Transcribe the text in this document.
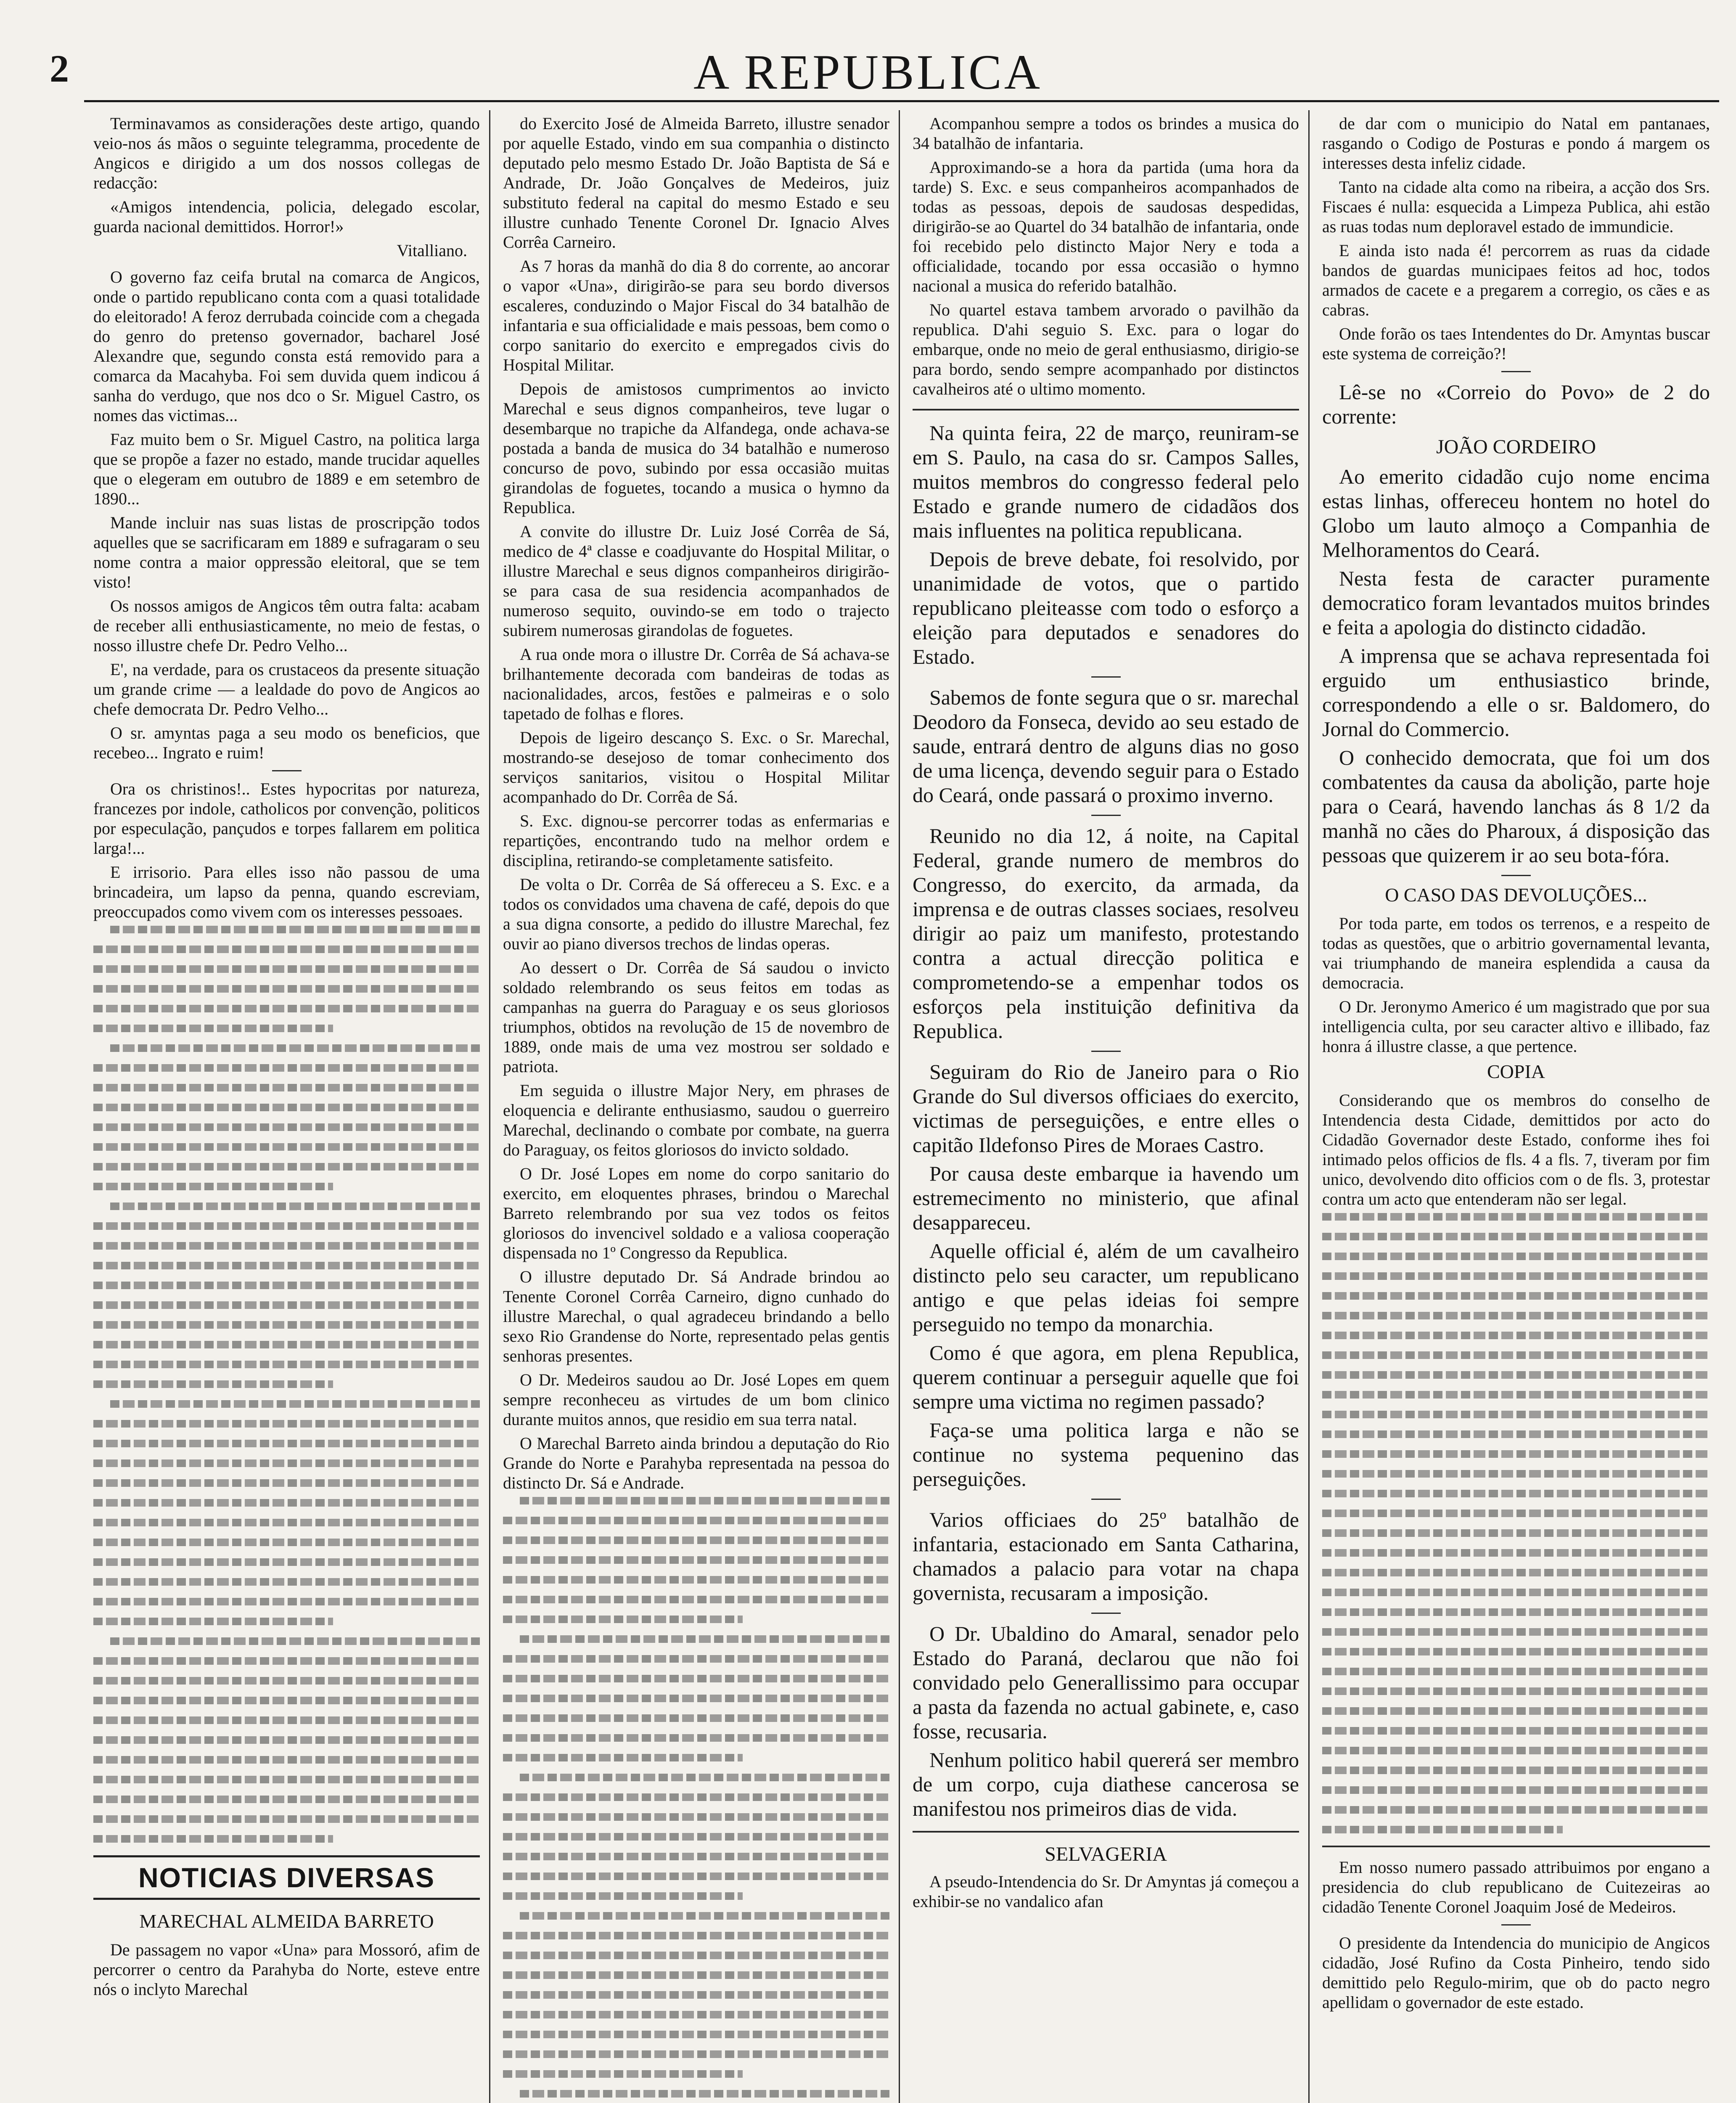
2	A REPUBLICA

Terminavamos as considerações deste artigo, quando veio-nos ás mãos o seguinte telegramma, procedente de Angicos e dirigido a um dos nossos collegas de redacção:

«Amigos intendencia, policia, delegado escolar, guarda nacional demittidos. Horror!»

Vitalliano.

O governo faz ceifa brutal na comarca de Angicos, onde o partido republicano conta com a quasi totalidade do eleitorado! A feroz derrubada coincide com a chegada do genro do pretenso governador, bacharel José Alexandre que, segundo consta está removido para a comarca da Macahyba. Foi sem duvida quem indicou á sanha do verdugo, que nos dco o Sr. Miguel Castro, os nomes das victimas...

Faz muito bem o Sr. Miguel Castro, na politica larga que se propõe a fazer no estado, mande trucidar aquelles que o elegeram em outubro de 1889 e em setembro de 1890...

Mande incluir nas suas listas de proscripção todos aquelles que se sacrificaram em 1889 e sufragaram o seu nome contra a maior oppressão eleitoral, que se tem visto!

Os nossos amigos de Angicos têm outra falta: acabam de receber alli enthusiasticamente, no meio de festas, o nosso illustre chefe Dr. Pedro Velho...

E', na verdade, para os crustaceos da presente situação um grande crime — a lealdade do povo de Angicos ao chefe democrata Dr. Pedro Velho...

O sr. amyntas paga a seu modo os beneficios, que recebeo... Ingrato e ruim!

Ora os christinos!.. Estes hypocritas por natureza, francezes por indole, catholicos por convenção, politicos por especulação, pançudos e torpes fallarem em politica larga!...

E irrisorio. Para elles isso não passou de uma brincadeira, um lapso da penna, quando escreviam, preoccupados como vivem com os interesses pessoaes.

NOTICIAS DIVERSAS
MARECHAL ALMEIDA BARRETO

De passagem no vapor «Una» para Mossoró, afim de percorrer o centro da Parahyba do Norte, esteve entre nós o inclyto Marechal

do Exercito José de Almeida Barreto, illustre senador por aquelle Estado, vindo em sua companhia o distincto deputado pelo mesmo Estado Dr. João Baptista de Sá e Andrade, Dr. João Gonçalves de Medeiros, juiz substituto federal na capital do mesmo Estado e seu illustre cunhado Tenente Coronel Dr. Ignacio Alves Corrêa Carneiro.

As 7 horas da manhã do dia 8 do corrente, ao ancorar o vapor «Una», dirigirão-se para seu bordo diversos escaleres, conduzindo o Major Fiscal do 34 batalhão de infantaria e sua officialidade e mais pessoas, bem como o corpo sanitario do exercito e empregados civis do Hospital Militar.

Depois de amistosos cumprimentos ao invicto Marechal e seus dignos companheiros, teve lugar o desembarque no trapiche da Alfandega, onde achava-se postada a banda de musica do 34 batalhão e numeroso concurso de povo, subindo por essa occasião muitas girandolas de foguetes, tocando a musica o hymno da Republica.

A convite do illustre Dr. Luiz José Corrêa de Sá, medico de 4ª classe e coadjuvante do Hospital Militar, o illustre Marechal e seus dignos companheiros dirigirão-se para casa de sua residencia acompanhados de numeroso sequito, ouvindo-se em todo o trajecto subirem numerosas girandolas de foguetes.

A rua onde mora o illustre Dr. Corrêa de Sá achava-se brilhantemente decorada com bandeiras de todas as nacionalidades, arcos, festões e palmeiras e o solo tapetado de folhas e flores.

Depois de ligeiro descanço S. Exc. o Sr. Marechal, mostrando-se desejoso de tomar conhecimento dos serviços sanitarios, visitou o Hospital Militar acompanhado do Dr. Corrêa de Sá.

S. Exc. dignou-se percorrer todas as enfermarias e repartições, encontrando tudo na melhor ordem e disciplina, retirando-se completamente satisfeito.

De volta o Dr. Corrêa de Sá offereceu a S. Exc. e a todos os convidados uma chavena de café, depois do que a sua digna consorte, a pedido do illustre Marechal, fez ouvir ao piano diversos trechos de lindas operas.

Ao dessert o Dr. Corrêa de Sá saudou o invicto soldado relembrando os seus feitos em todas as campanhas na guerra do Paraguay e os seus gloriosos triumphos, obtidos na revolução de 15 de novembro de 1889, onde mais de uma vez mostrou ser soldado e patriota.

Em seguida o illustre Major Nery, em phrases de eloquencia e delirante enthusiasmo, saudou o guerreiro Marechal, declinando o combate por combate, na guerra do Paraguay, os feitos gloriosos do invicto soldado.

O Dr. José Lopes em nome do corpo sanitario do exercito, em eloquentes phrases, brindou o Marechal Barreto relembrando por sua vez todos os feitos gloriosos do invencivel soldado e a valiosa cooperação dispensada no 1º Congresso da Republica.

O illustre deputado Dr. Sá Andrade brindou ao Tenente Coronel Corrêa Carneiro, digno cunhado do illustre Marechal, o qual agradeceu brindando a bello sexo Rio Grandense do Norte, representado pelas gentis senhoras presentes.

O Dr. Medeiros saudou ao Dr. José Lopes em quem sempre reconheceu as virtudes de um bom clinico durante muitos annos, que residio em sua terra natal.

O Marechal Barreto ainda brindou a deputação do Rio Grande do Norte e Parahyba representada na pessoa do distincto Dr. Sá e Andrade.

Acompanhou sempre a todos os brindes a musica do 34 batalhão de infantaria.

Approximando-se a hora da partida (uma hora da tarde) S. Exc. e seus companheiros acompanhados de todas as pessoas, depois de saudosas despedidas, dirigirão-se ao Quartel do 34 batalhão de infantaria, onde foi recebido pelo distincto Major Nery e toda a officialidade, tocando por essa occasião o hymno nacional a musica do referido batalhão.

No quartel estava tambem arvorado o pavilhão da republica. D'ahi seguio S. Exc. para o logar do embarque, onde no meio de geral enthusiasmo, dirigio-se para bordo, sendo sempre acompanhado por distinctos cavalheiros até o ultimo momento.

Na quinta feira, 22 de março, reuniram-se em S. Paulo, na casa do sr. Campos Salles, muitos membros do congresso federal pelo Estado e grande numero de cidadãos dos mais influentes na politica republicana.

Depois de breve debate, foi resolvido, por unanimidade de votos, que o partido republicano pleiteasse com todo o esforço a eleição para deputados e senadores do Estado.

Sabemos de fonte segura que o sr. marechal Deodoro da Fonseca, devido ao seu estado de saude, entrará dentro de alguns dias no goso de uma licença, devendo seguir para o Estado do Ceará, onde passará o proximo inverno.

Reunido no dia 12, á noite, na Capital Federal, grande numero de membros do Congresso, do exercito, da armada, da imprensa e de outras classes sociaes, resolveu dirigir ao paiz um manifesto, protestando contra a actual direcção politica e comprometendo-se a empenhar todos os esforços pela instituição definitiva da Republica.

Seguiram do Rio de Janeiro para o Rio Grande do Sul diversos officiaes do exercito, victimas de perseguições, e entre elles o capitão Ildefonso Pires de Moraes Castro.

Por causa deste embarque ia havendo um estremecimento no ministerio, que afinal desappareceu.

Aquelle official é, além de um cavalheiro distincto pelo seu caracter, um republicano antigo e que pelas ideias foi sempre perseguido no tempo da monarchia.

Como é que agora, em plena Republica, querem continuar a perseguir aquelle que foi sempre uma victima no regimen passado?

Faça-se uma politica larga e não se continue no systema pequenino das perseguições.

Varios officiaes do 25º batalhão de infantaria, estacionado em Santa Catharina, chamados a palacio para votar na chapa governista, recusaram a imposição.

O Dr. Ubaldino do Amaral, senador pelo Estado do Paraná, declarou que não foi convidado pelo Generallissimo para occupar a pasta da fazenda no actual gabinete, e, caso fosse, recusaria.

Nenhum politico habil quererá ser membro de um corpo, cuja diathese cancerosa se manifestou nos primeiros dias de vida.

SELVAGERIA

A pseudo-Intendencia do Sr. Dr Amyntas já começou a exhibir-se no vandalico afan

de dar com o municipio do Natal em pantanaes, rasgando o Codigo de Posturas e pondo á margem os interesses desta infeliz cidade.

Tanto na cidade alta como na ribeira, a acção dos Srs. Fiscaes é nulla: esquecida a Limpeza Publica, ahi estão as ruas todas num deploravel estado de immundicie.

E ainda isto nada é! percorrem as ruas da cidade bandos de guardas municipaes feitos ad hoc, todos armados de cacete e a pregarem a corregio, os cães e as cabras.

Onde forão os taes Intendentes do Dr. Amyntas buscar este systema de correição?!

Lê-se no «Correio do Povo» de 2 do corrente:

JOÃO CORDEIRO

Ao emerito cidadão cujo nome encima estas linhas, offereceu hontem no hotel do Globo um lauto almoço a Companhia de Melhoramentos do Ceará.

Nesta festa de caracter puramente democratico foram levantados muitos brindes e feita a apologia do distincto cidadão.

A imprensa que se achava representada foi erguido um enthusiastico brinde, correspondendo a elle o sr. Baldomero, do Jornal do Commercio.

O conhecido democrata, que foi um dos combatentes da causa da abolição, parte hoje para o Ceará, havendo lanchas ás 8 1/2 da manhã no cães do Pharoux, á disposição das pessoas que quizerem ir ao seu bota-fóra.

O CASO DAS DEVOLUÇÕES...

Por toda parte, em todos os terrenos, e a respeito de todas as questões, que o arbitrio governamental levanta, vai triumphando de maneira esplendida a causa da democracia.

O Dr. Jeronymo Americo é um magistrado que por sua intelligencia culta, por seu caracter altivo e illibado, faz honra á illustre classe, a que pertence.

COPIA

Considerando que os membros do conselho de Intendencia desta Cidade, demittidos por acto do Cidadão Governador deste Estado, conforme ihes foi intimado pelos officios de fls. 4 a fls. 7, tiveram por fim unico, devolvendo dito officios com o de fls. 3, protestar contra um acto que entenderam não ser legal.

Em nosso numero passado attribuimos por engano a presidencia do club republicano de Cuitezeiras ao cidadão Tenente Coronel Joaquim José de Medeiros.

O presidente da Intendencia do municipio de Angicos cidadão, José Rufino da Costa Pinheiro, tendo sido demittido pelo Regulo-mirim, que ob do pacto negro apellidam o governador de este estado.
